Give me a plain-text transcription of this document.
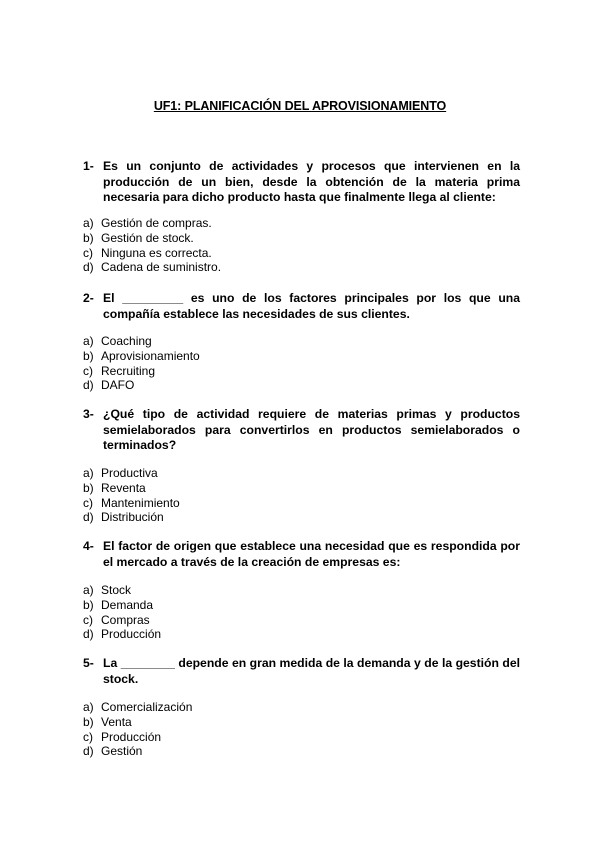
UF1: PLANIFICACIÓN DEL APROVISIONAMIENTO
1- Es un conjunto de actividades y procesos que intervienen en la producción de un bien, desde la obtención de la materia prima necesaria para dicho producto hasta que finalmente llega al cliente:
a) Gestión de compras.
b) Gestión de stock.
c) Ninguna es correcta.
d) Cadena de suministro.
2- El _________ es uno de los factores principales por los que una compañía establece las necesidades de sus clientes.
a) Coaching
b) Aprovisionamiento
c) Recruiting
d) DAFO
3- ¿Qué tipo de actividad requiere de materias primas y productos semielaborados para convertirlos en productos semielaborados o terminados?
a) Productiva
b) Reventa
c) Mantenimiento
d) Distribución
4- El factor de origen que establece una necesidad que es respondida por el mercado a través de la creación de empresas es:
a) Stock
b) Demanda
c) Compras
d) Producción
5- La ________ depende en gran medida de la demanda y de la gestión del stock.
a) Comercialización
b) Venta
c) Producción
d) Gestión
